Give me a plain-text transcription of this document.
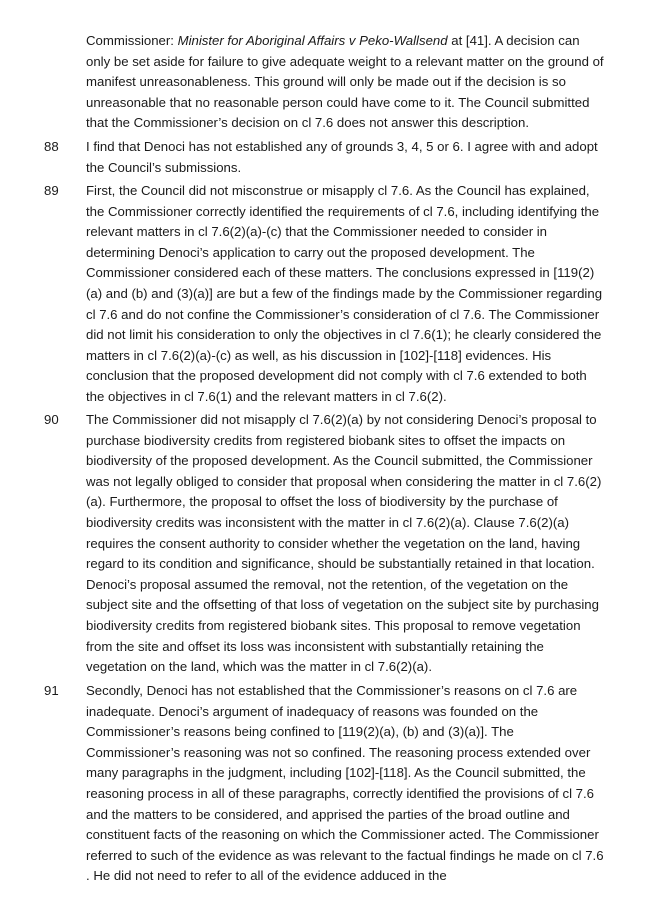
Commissioner: Minister for Aboriginal Affairs v Peko-Wallsend at [41]. A decision can only be set aside for failure to give adequate weight to a relevant matter on the ground of manifest unreasonableness. This ground will only be made out if the decision is so unreasonable that no reasonable person could have come to it. The Council submitted that the Commissioner’s decision on cl 7.6 does not answer this description.
88	I find that Denoci has not established any of grounds 3, 4, 5 or 6. I agree with and adopt the Council’s submissions.
89	First, the Council did not misconstrue or misapply cl 7.6. As the Council has explained, the Commissioner correctly identified the requirements of cl 7.6, including identifying the relevant matters in cl 7.6(2)(a)-(c) that the Commissioner needed to consider in determining Denoci’s application to carry out the proposed development. The Commissioner considered each of these matters. The conclusions expressed in [119(2)(a) and (b) and (3)(a)] are but a few of the findings made by the Commissioner regarding cl 7.6 and do not confine the Commissioner’s consideration of cl 7.6. The Commissioner did not limit his consideration to only the objectives in cl 7.6(1); he clearly considered the matters in cl 7.6(2)(a)-(c) as well, as his discussion in [102]-[118] evidences. His conclusion that the proposed development did not comply with cl 7.6 extended to both the objectives in cl 7.6(1) and the relevant matters in cl 7.6(2).
90	The Commissioner did not misapply cl 7.6(2)(a) by not considering Denoci’s proposal to purchase biodiversity credits from registered biobank sites to offset the impacts on biodiversity of the proposed development. As the Council submitted, the Commissioner was not legally obliged to consider that proposal when considering the matter in cl 7.6(2)(a). Furthermore, the proposal to offset the loss of biodiversity by the purchase of biodiversity credits was inconsistent with the matter in cl 7.6(2)(a). Clause 7.6(2)(a) requires the consent authority to consider whether the vegetation on the land, having regard to its condition and significance, should be substantially retained in that location. Denoci’s proposal assumed the removal, not the retention, of the vegetation on the subject site and the offsetting of that loss of vegetation on the subject site by purchasing biodiversity credits from registered biobank sites. This proposal to remove vegetation from the site and offset its loss was inconsistent with substantially retaining the vegetation on the land, which was the matter in cl 7.6(2)(a).
91	Secondly, Denoci has not established that the Commissioner’s reasons on cl 7.6 are inadequate. Denoci’s argument of inadequacy of reasons was founded on the Commissioner’s reasons being confined to [119(2)(a), (b) and (3)(a)]. The Commissioner’s reasoning was not so confined. The reasoning process extended over many paragraphs in the judgment, including [102]-[118]. As the Council submitted, the reasoning process in all of these paragraphs, correctly identified the provisions of cl 7.6 and the matters to be considered, and apprised the parties of the broad outline and constituent facts of the reasoning on which the Commissioner acted. The Commissioner referred to such of the evidence as was relevant to the factual findings he made on cl 7.6 . He did not need to refer to all of the evidence adduced in the
